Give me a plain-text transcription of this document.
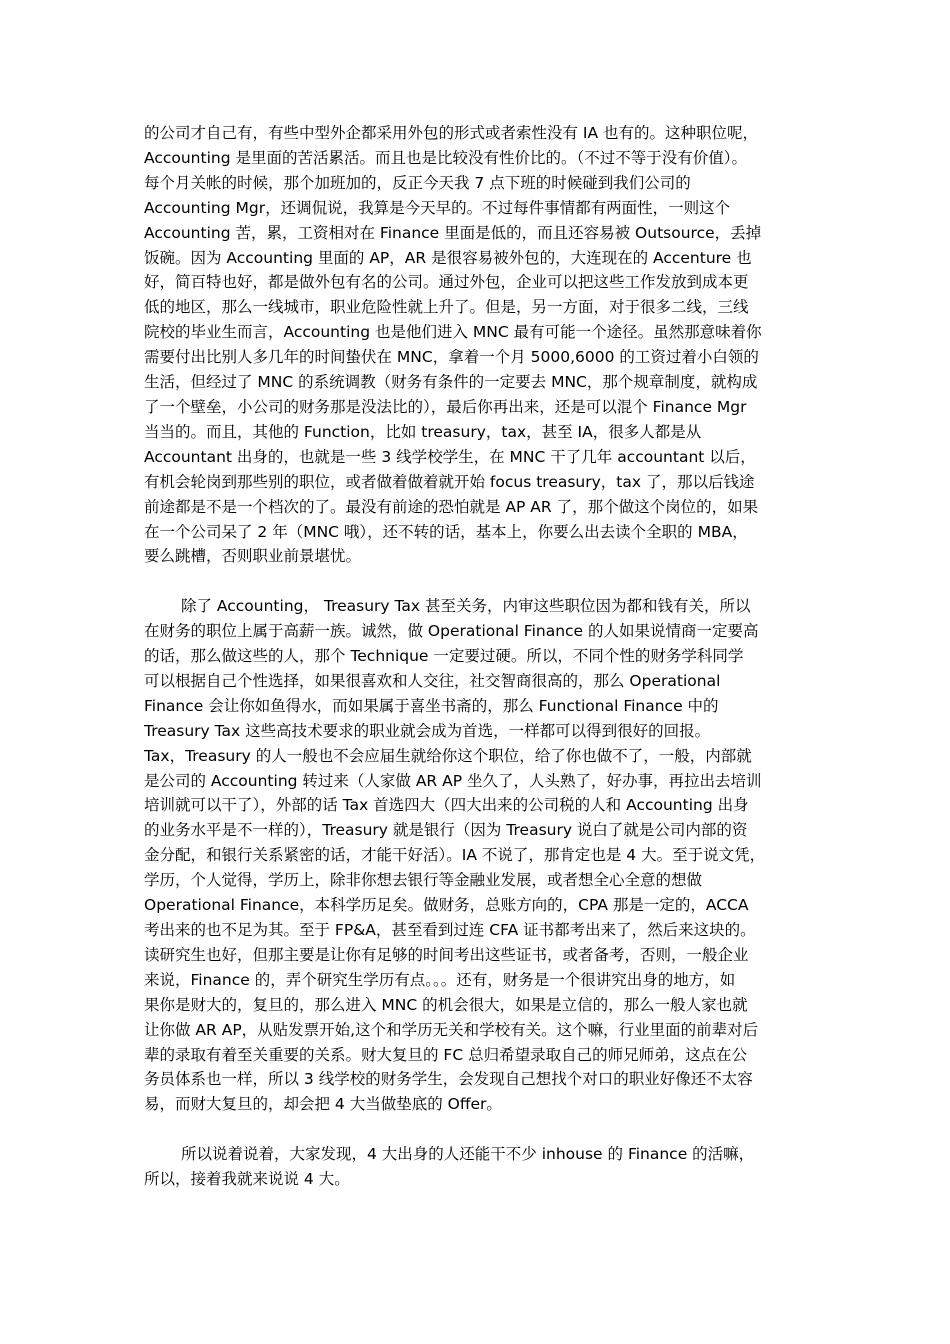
的公司才自己有，有些中型外企都采用外包的形式或者索性没有 IA 也有的。这种职位呢，
Accounting 是里面的苦活累活。而且也是比较没有性价比的。（不过不等于没有价值）。
每个月关帐的时候，那个加班加的，反正今天我 7 点下班的时候碰到我们公司的
Accounting Mgr，还调侃说，我算是今天早的。不过每件事情都有两面性，一则这个
Accounting 苦，累，工资相对在 Finance 里面是低的，而且还容易被 Outsource，丢掉
饭碗。因为 Accounting 里面的 AP，AR 是很容易被外包的，大连现在的 Accenture 也
好，简百特也好，都是做外包有名的公司。通过外包，企业可以把这些工作发放到成本更
低的地区，那么一线城市，职业危险性就上升了。但是，另一方面，对于很多二线，三线
院校的毕业生而言，Accounting 也是他们进入 MNC 最有可能一个途径。虽然那意味着你
需要付出比别人多几年的时间蛰伏在 MNC，拿着一个月 5000,6000 的工资过着小白领的
生活，但经过了 MNC 的系统调教（财务有条件的一定要去 MNC，那个规章制度，就构成
了一个壁垒，小公司的财务那是没法比的），最后你再出来，还是可以混个 Finance Mgr
当当的。而且，其他的 Function，比如 treasury，tax，甚至 IA，很多人都是从
Accountant 出身的，也就是一些 3 线学校学生，在 MNC 干了几年 accountant 以后，
有机会轮岗到那些别的职位，或者做着做着就开始 focus treasury，tax 了，那以后钱途
前途都是不是一个档次的了。最没有前途的恐怕就是 AP AR 了，那个做这个岗位的，如果
在一个公司呆了 2 年（MNC 哦），还不转的话，基本上，你要么出去读个全职的 MBA，
要么跳槽，否则职业前景堪忧。
除了 Accounting， Treasury Tax 甚至关务，内审这些职位因为都和钱有关，所以
在财务的职位上属于高薪一族。诚然，做 Operational Finance 的人如果说情商一定要高
的话，那么做这些的人，那个 Technique 一定要过硬。所以，不同个性的财务学科同学
可以根据自己个性选择，如果很喜欢和人交往，社交智商很高的，那么 Operational
Finance 会让你如鱼得水，而如果属于喜坐书斋的，那么 Functional Finance 中的
Treasury Tax 这些高技术要求的职业就会成为首选，一样都可以得到很好的回报。
Tax，Treasury 的人一般也不会应届生就给你这个职位，给了你也做不了，一般，内部就
是公司的 Accounting 转过来（人家做 AR AP 坐久了，人头熟了，好办事，再拉出去培训
培训就可以干了），外部的话 Tax 首选四大（四大出来的公司税的人和 Accounting 出身
的业务水平是不一样的），Treasury 就是银行（因为 Treasury 说白了就是公司内部的资
金分配，和银行关系紧密的话，才能干好活）。IA 不说了，那肯定也是 4 大。至于说文凭，
学历，个人觉得，学历上，除非你想去银行等金融业发展，或者想全心全意的想做
Operational Finance，本科学历足矣。做财务，总账方向的，CPA 那是一定的，ACCA
考出来的也不足为其。至于 FP&A，甚至看到过连 CFA 证书都考出来了，然后来这块的。
读研究生也好，但那主要是让你有足够的时间考出这些证书，或者备考，否则，一般企业
来说，Finance 的，弄个研究生学历有点。。。还有，财务是一个很讲究出身的地方，如
果你是财大的，复旦的，那么进入 MNC 的机会很大，如果是立信的，那么一般人家也就
让你做 AR AP，从贴发票开始,这个和学历无关和学校有关。这个嘛，行业里面的前辈对后
辈的录取有着至关重要的关系。财大复旦的 FC 总归希望录取自己的师兄师弟，这点在公
务员体系也一样，所以 3 线学校的财务学生，会发现自己想找个对口的职业好像还不太容
易，而财大复旦的，却会把 4 大当做垫底的 Offer。
所以说着说着，大家发现，4 大出身的人还能干不少 inhouse 的 Finance 的活嘛，
所以，接着我就来说说 4 大。
